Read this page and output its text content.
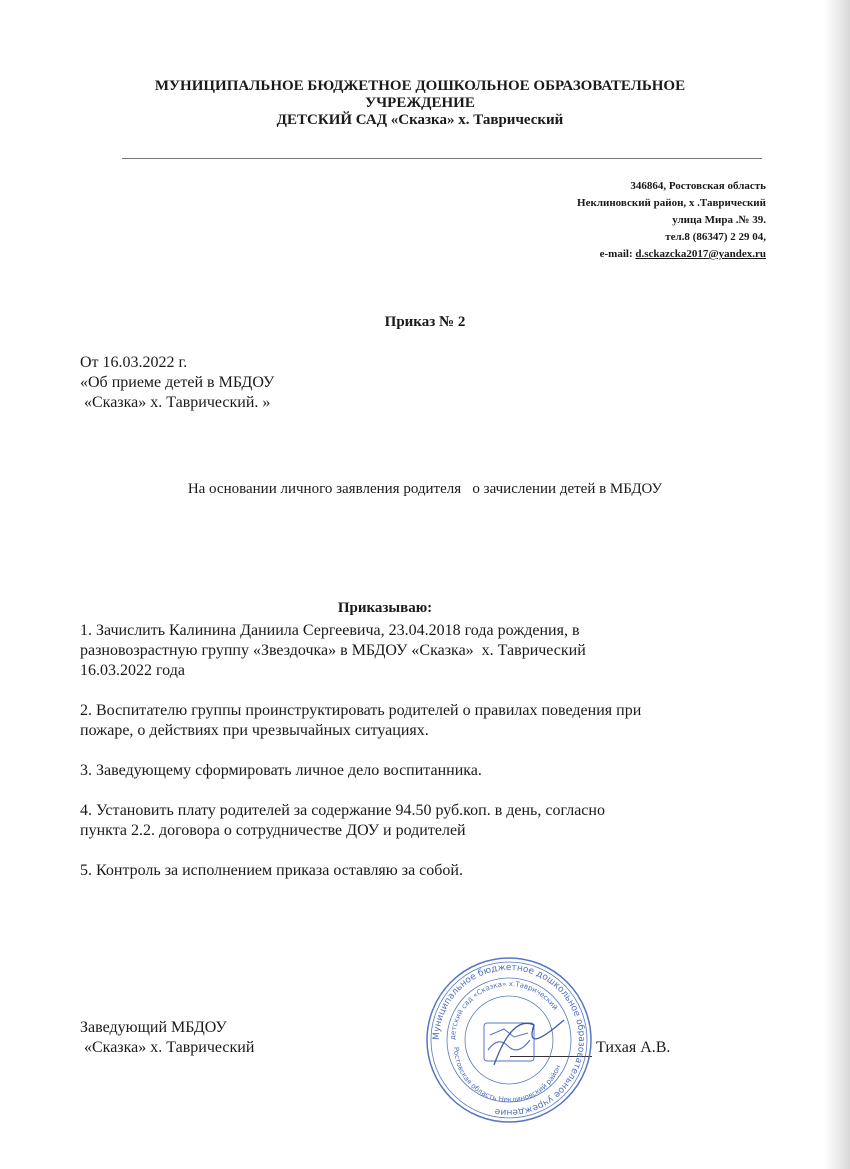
МУНИЦИПАЛЬНОЕ БЮДЖЕТНОЕ ДОШКОЛЬНОЕ ОБРАЗОВАТЕЛЬНОЕ УЧРЕЖДЕНИЕ
ДЕТСКИЙ САД «Сказка» х. Таврический
346864, Ростовская область
Неклиновский район, х .Таврический
улица Мира .№ 39.
тел.8 (86347) 2 29 04,
e-mail: d.sckazcka2017@yandex.ru
Приказ № 2
От 16.03.2022 г.
«Об приеме детей в МБДОУ
«Сказка» х. Таврический. »
На основании личного заявления родителя   о зачислении детей в МБДОУ
Приказываю:

1. Зачислить Калинина Даниила Сергеевича, 23.04.2018 года рождения, в
разновозрастную группу «Звездочка» в МБДОУ «Сказка»  х. Таврический
16.03.2022 года

2. Воспитателю группы проинструктировать родителей о правилах поведения при
пожаре, о действиях при чрезвычайных ситуациях.

3. Заведующему сформировать личное дело воспитанника.

4. Установить плату родителей за содержание 94.50 руб.коп. в день, согласно
пункта 2.2. договора о сотрудничестве ДОУ и родителей

5. Контроль за исполнением приказа оставляю за собой.

Заведующий МБДОУ
«Сказка» х. Таврический	Тихая А.В.
Муниципальное бюджетное дошкольное образовательное учреждение
детский сад «Сказка» х.Таврический
Ростовская область Неклиновский район
